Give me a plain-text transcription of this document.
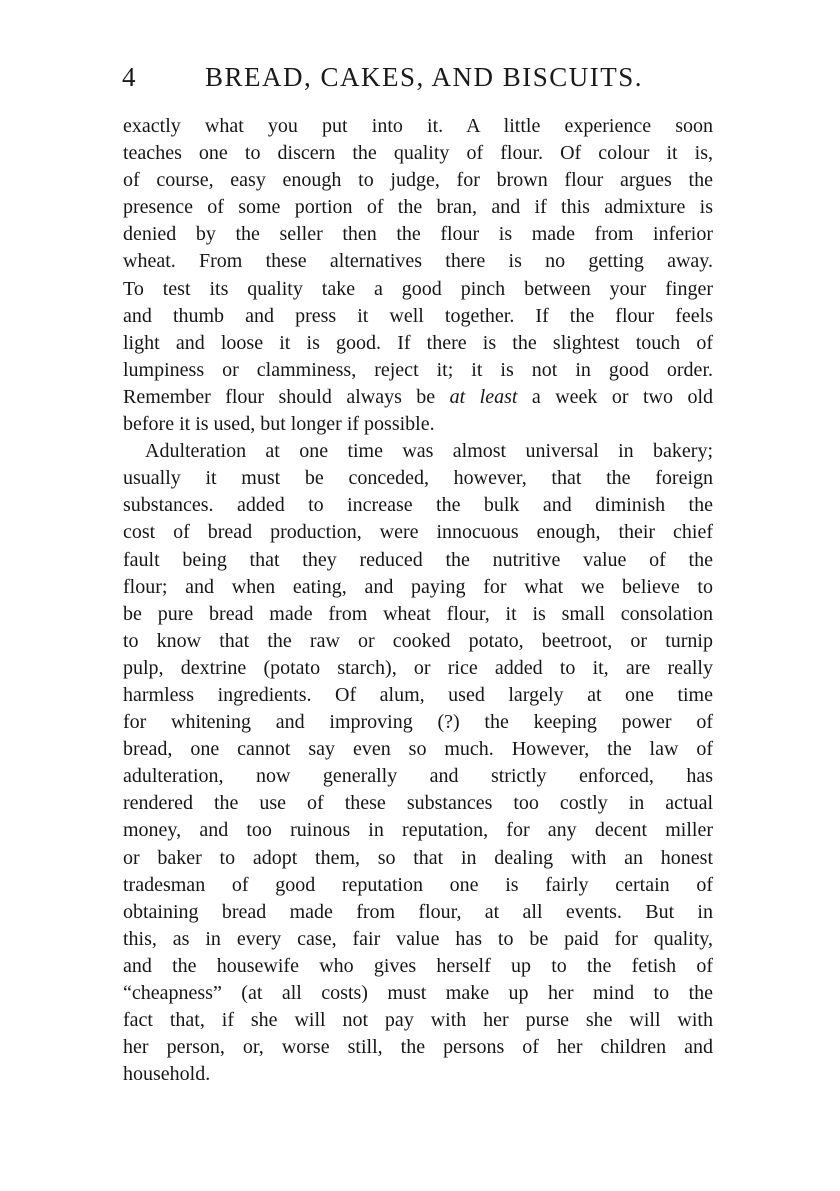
4	BREAD, CAKES, AND BISCUITS.
exactly what you put into it. A little experience soon
teaches one to discern the quality of flour. Of colour it is,
of course, easy enough to judge, for brown flour argues the
presence of some portion of the bran, and if this admixture is
denied by the seller then the flour is made from inferior
wheat. From these alternatives there is no getting away.
To test its quality take a good pinch between your finger
and thumb and press it well together. If the flour feels
light and loose it is good. If there is the slightest touch of
lumpiness or clamminess, reject it; it is not in good order.
Remember flour should always be at least a week or two old
before it is used, but longer if possible.
Adulteration at one time was almost universal in bakery;
usually it must be conceded, however, that the foreign
substances. added to increase the bulk and diminish the
cost of bread production, were innocuous enough, their chief
fault being that they reduced the nutritive value of the
flour; and when eating, and paying for what we believe to
be pure bread made from wheat flour, it is small consolation
to know that the raw or cooked potato, beetroot, or turnip
pulp, dextrine (potato starch), or rice added to it, are really
harmless ingredients. Of alum, used largely at one time
for whitening and improving (?) the keeping power of
bread, one cannot say even so much. However, the law of
adulteration, now generally and strictly enforced, has
rendered the use of these substances too costly in actual
money, and too ruinous in reputation, for any decent miller
or baker to adopt them, so that in dealing with an honest
tradesman of good reputation one is fairly certain of
obtaining bread made from flour, at all events. But in
this, as in every case, fair value has to be paid for quality,
and the housewife who gives herself up to the fetish of
“cheapness” (at all costs) must make up her mind to the
fact that, if she will not pay with her purse she will with
her person, or, worse still, the persons of her children and
household.
